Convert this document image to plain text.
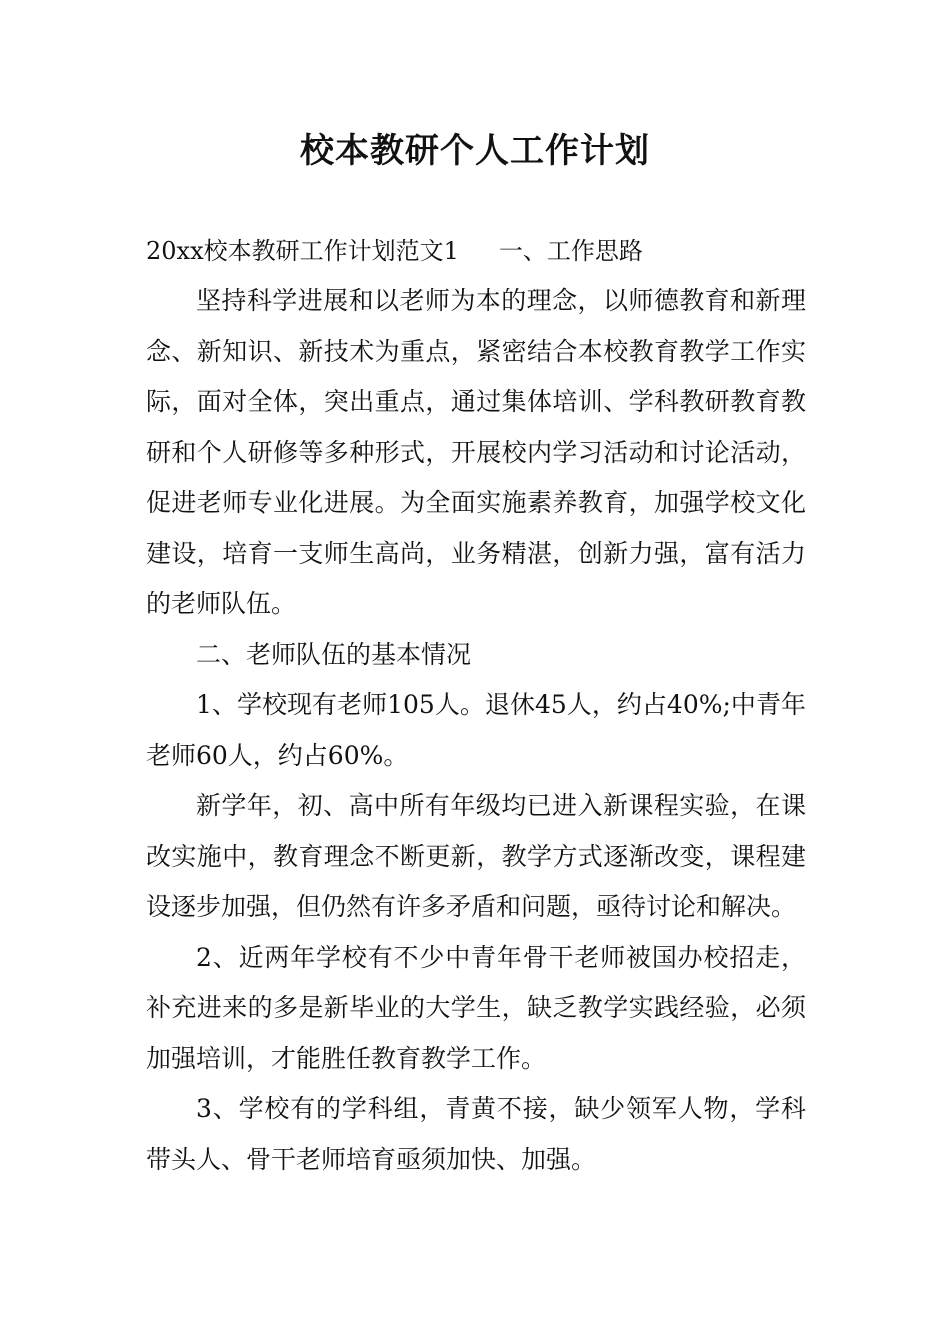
校本教研个人工作计划

20xx校本教研工作计划范文1 一、工作思路

坚持科学进展和以老师为本的理念，以师德教育和新理念、新知识、新技术为重点，紧密结合本校教育教学工作实际，面对全体，突出重点，通过集体培训、学科教研教育教研和个人研修等多种形式，开展校内学习活动和讨论活动，促进老师专业化进展。为全面实施素养教育，加强学校文化建设，培育一支师生高尚，业务精湛，创新力强，富有活力的老师队伍。

二、老师队伍的基本情况

1、学校现有老师105人。退休45人，约占40%;中青年老师60人，约占60%。

新学年，初、高中所有年级均已进入新课程实验，在课改实施中，教育理念不断更新，教学方式逐渐改变，课程建设逐步加强，但仍然有许多矛盾和问题，亟待讨论和解决。

2、近两年学校有不少中青年骨干老师被国办校招走，补充进来的多是新毕业的大学生，缺乏教学实践经验，必须加强培训，才能胜任教育教学工作。

3、学校有的学科组，青黄不接，缺少领军人物，学科带头人、骨干老师培育亟须加快、加强。
